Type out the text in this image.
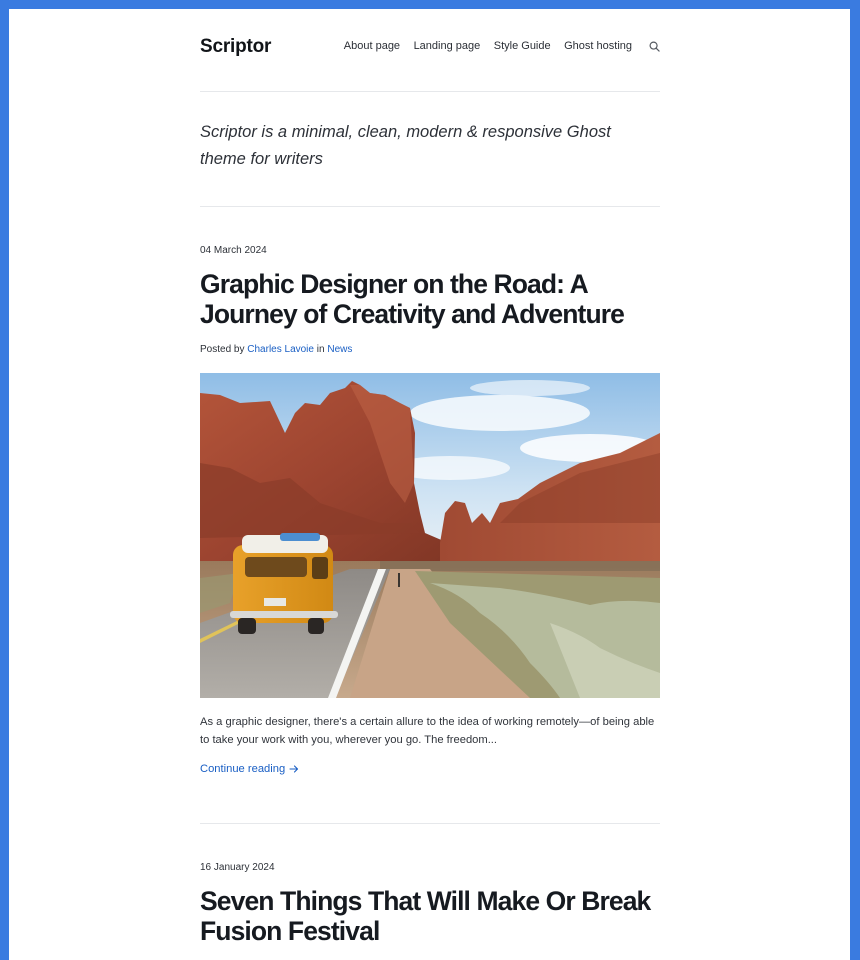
Scriptor	About page Landing page Style Guide Ghost hosting

Scriptor is a minimal, clean, modern & responsive Ghost theme for writers

04 March 2024
Graphic Designer on the Road: A Journey of Creativity and Adventure
Posted by Charles Lavoie in News

As a graphic designer, there's a certain allure to the idea of working remotely—of being able to take your work with you, wherever you go. The freedom...

Continue reading
16 January 2024
Seven Things That Will Make Or Break Fusion Festival
